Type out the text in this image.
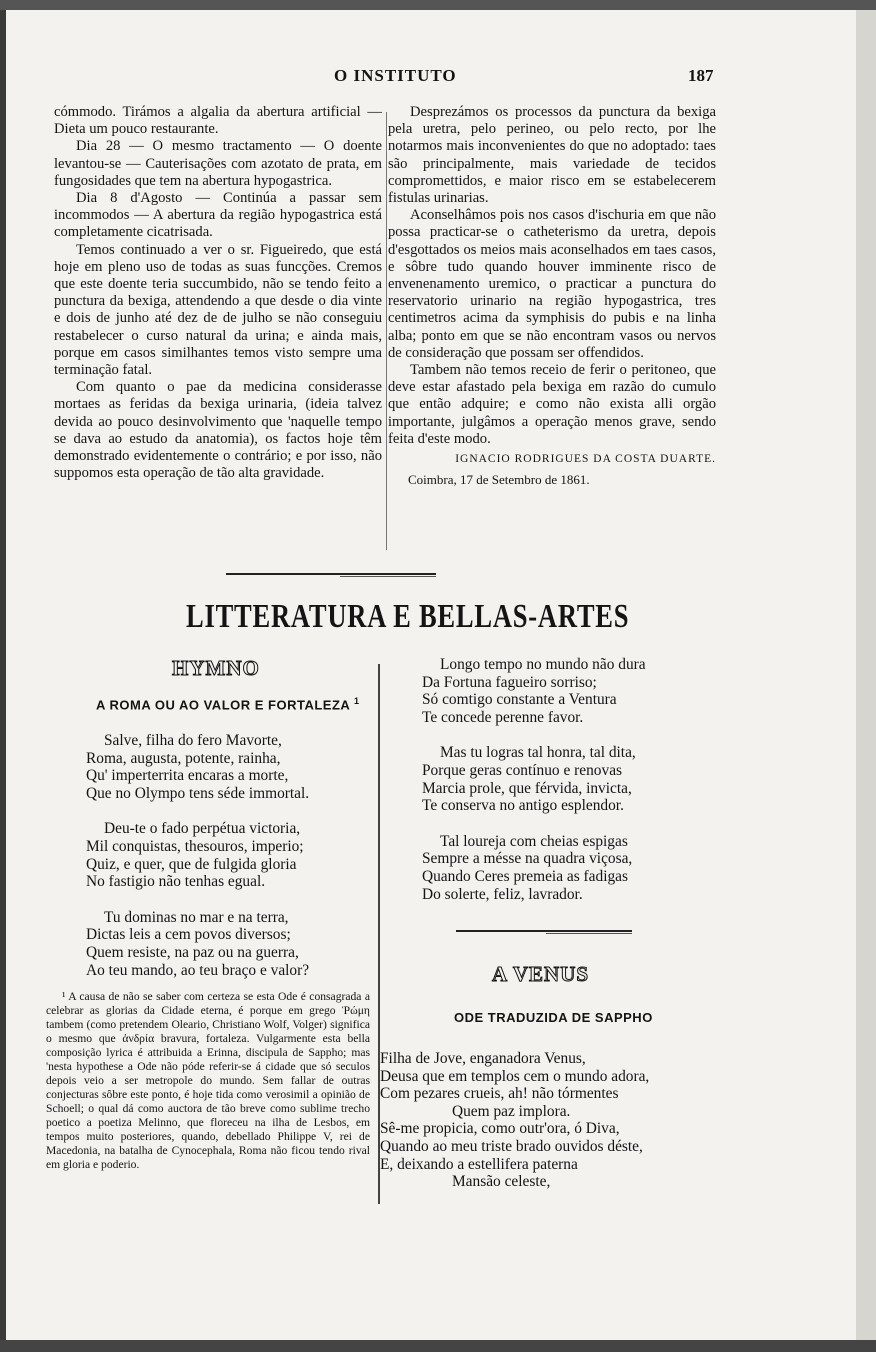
O INSTITUTO	187

cómmodo. Tirámos a algalia da abertura artificial — Dieta um pouco restaurante.

Dia 28 — O mesmo tractamento — O doente levantou-se — Cauterisações com azotato de prata, em fungosidades que tem na abertura hypogastrica.

Dia 8 d'Agosto — Continúa a passar sem incommodos — A abertura da região hypogastrica está completamente cicatrisada.

Temos continuado a ver o sr. Figueiredo, que está hoje em pleno uso de todas as suas funcções. Cremos que este doente teria succumbido, não se tendo feito a punctura da bexiga, attendendo a que desde o dia vinte e dois de junho até dez de de julho se não conseguiu restabelecer o curso natural da urina; e ainda mais, porque em casos similhantes temos visto sempre uma terminação fatal.

Com quanto o pae da medicina considerasse mortaes as feridas da bexiga urinaria, (ideia talvez devida ao pouco desinvolvimento que 'naquelle tempo se dava ao estudo da anatomia), os factos hoje têm demonstrado evidentemente o contrário; e por isso, não suppomos esta operação de tão alta gravidade.

Desprezámos os processos da punctura da bexiga pela uretra, pelo perineo, ou pelo recto, por lhe notarmos mais inconvenientes do que no adoptado: taes são principalmente, mais variedade de tecidos compromettidos, e maior risco em se estabelecerem fistulas urinarias.

Aconselhâmos pois nos casos d'ischuria em que não possa practicar-se o catheterismo da uretra, depois d'esgottados os meios mais aconselhados em taes casos, e sôbre tudo quando houver imminente risco de envenenamento uremico, o practicar a punctura do reservatorio urinario na região hypogastrica, tres centimetros acima da symphisis do pubis e na linha alba; ponto em que se não encontram vasos ou nervos de consideração que possam ser offendidos.

Tambem não temos receio de ferir o peritoneo, que deve estar afastado pela bexiga em razão do cumulo que então adquire; e como não exista alli orgão importante, julgâmos a operação menos grave, sendo feita d'este modo.

IGNACIO RODRIGUES DA COSTA DUARTE.

Coimbra, 17 de Setembro de 1861.

LITTERATURA E BELLAS-ARTES
HYMNO
A ROMA OU AO VALOR E FORTALEZA $^1$
Salve, filha do fero Mavorte,
Roma, augusta, potente, rainha,
Qu' imperterrita encaras a morte,
Que no Olympo tens séde immortal.
Deu-te o fado perpétua victoria,
Mil conquistas, thesouros, imperio;
Quiz, e quer, que de fulgida gloria
No fastigio não tenhas egual.
Tu dominas no mar e na terra,
Dictas leis a cem povos diversos;
Quem resiste, na paz ou na guerra,
Ao teu mando, ao teu braço e valor?

¹ A causa de não se saber com certeza se esta Ode é consagrada a celebrar as glorias da Cidade eterna, é porque em grego Ῥώμη tambem (como pretendem Oleario, Christiano Wolf, Volger) significa o mesmo que ἀνδρία bravura, fortaleza. Vulgarmente esta bella composição lyrica é attribuida a Erinna, discipula de Sappho; mas 'nesta hypothese a Ode não póde referir-se á cidade que só seculos depois veio a ser metropole do mundo. Sem fallar de outras conjecturas sôbre este ponto, é hoje tida como verosimil a opinião de Schoell; o qual dá como auctora de tão breve como sublime trecho poetico a poetiza Melinno, que floreceu na ilha de Lesbos, em tempos muito posteriores, quando, debellado Philippe V, rei de Macedonia, na batalha de Cynocephala, Roma não ficou tendo rival em gloria e poderio.

Longo tempo no mundo não dura
Da Fortuna fagueiro sorriso;
Só comtigo constante a Ventura
Te concede perenne favor.
Mas tu logras tal honra, tal dita,
Porque geras contínuo e renovas
Marcia prole, que férvida, invicta,
Te conserva no antigo esplendor.
Tal loureja com cheias espigas
Sempre a mésse na quadra viçosa,
Quando Ceres premeia as fadigas
Do solerte, feliz, lavrador.
A VENUS
ODE TRADUZIDA DE SAPPHO
Filha de Jove, enganadora Venus,
Deusa que em templos cem o mundo adora,
Com pezares crueis, ah! não tórmentes
Quem paz implora.
Sê-me propicia, como outr'ora, ó Diva,
Quando ao meu triste brado ouvidos déste,
E, deixando a estellifera paterna
Mansão celeste,
